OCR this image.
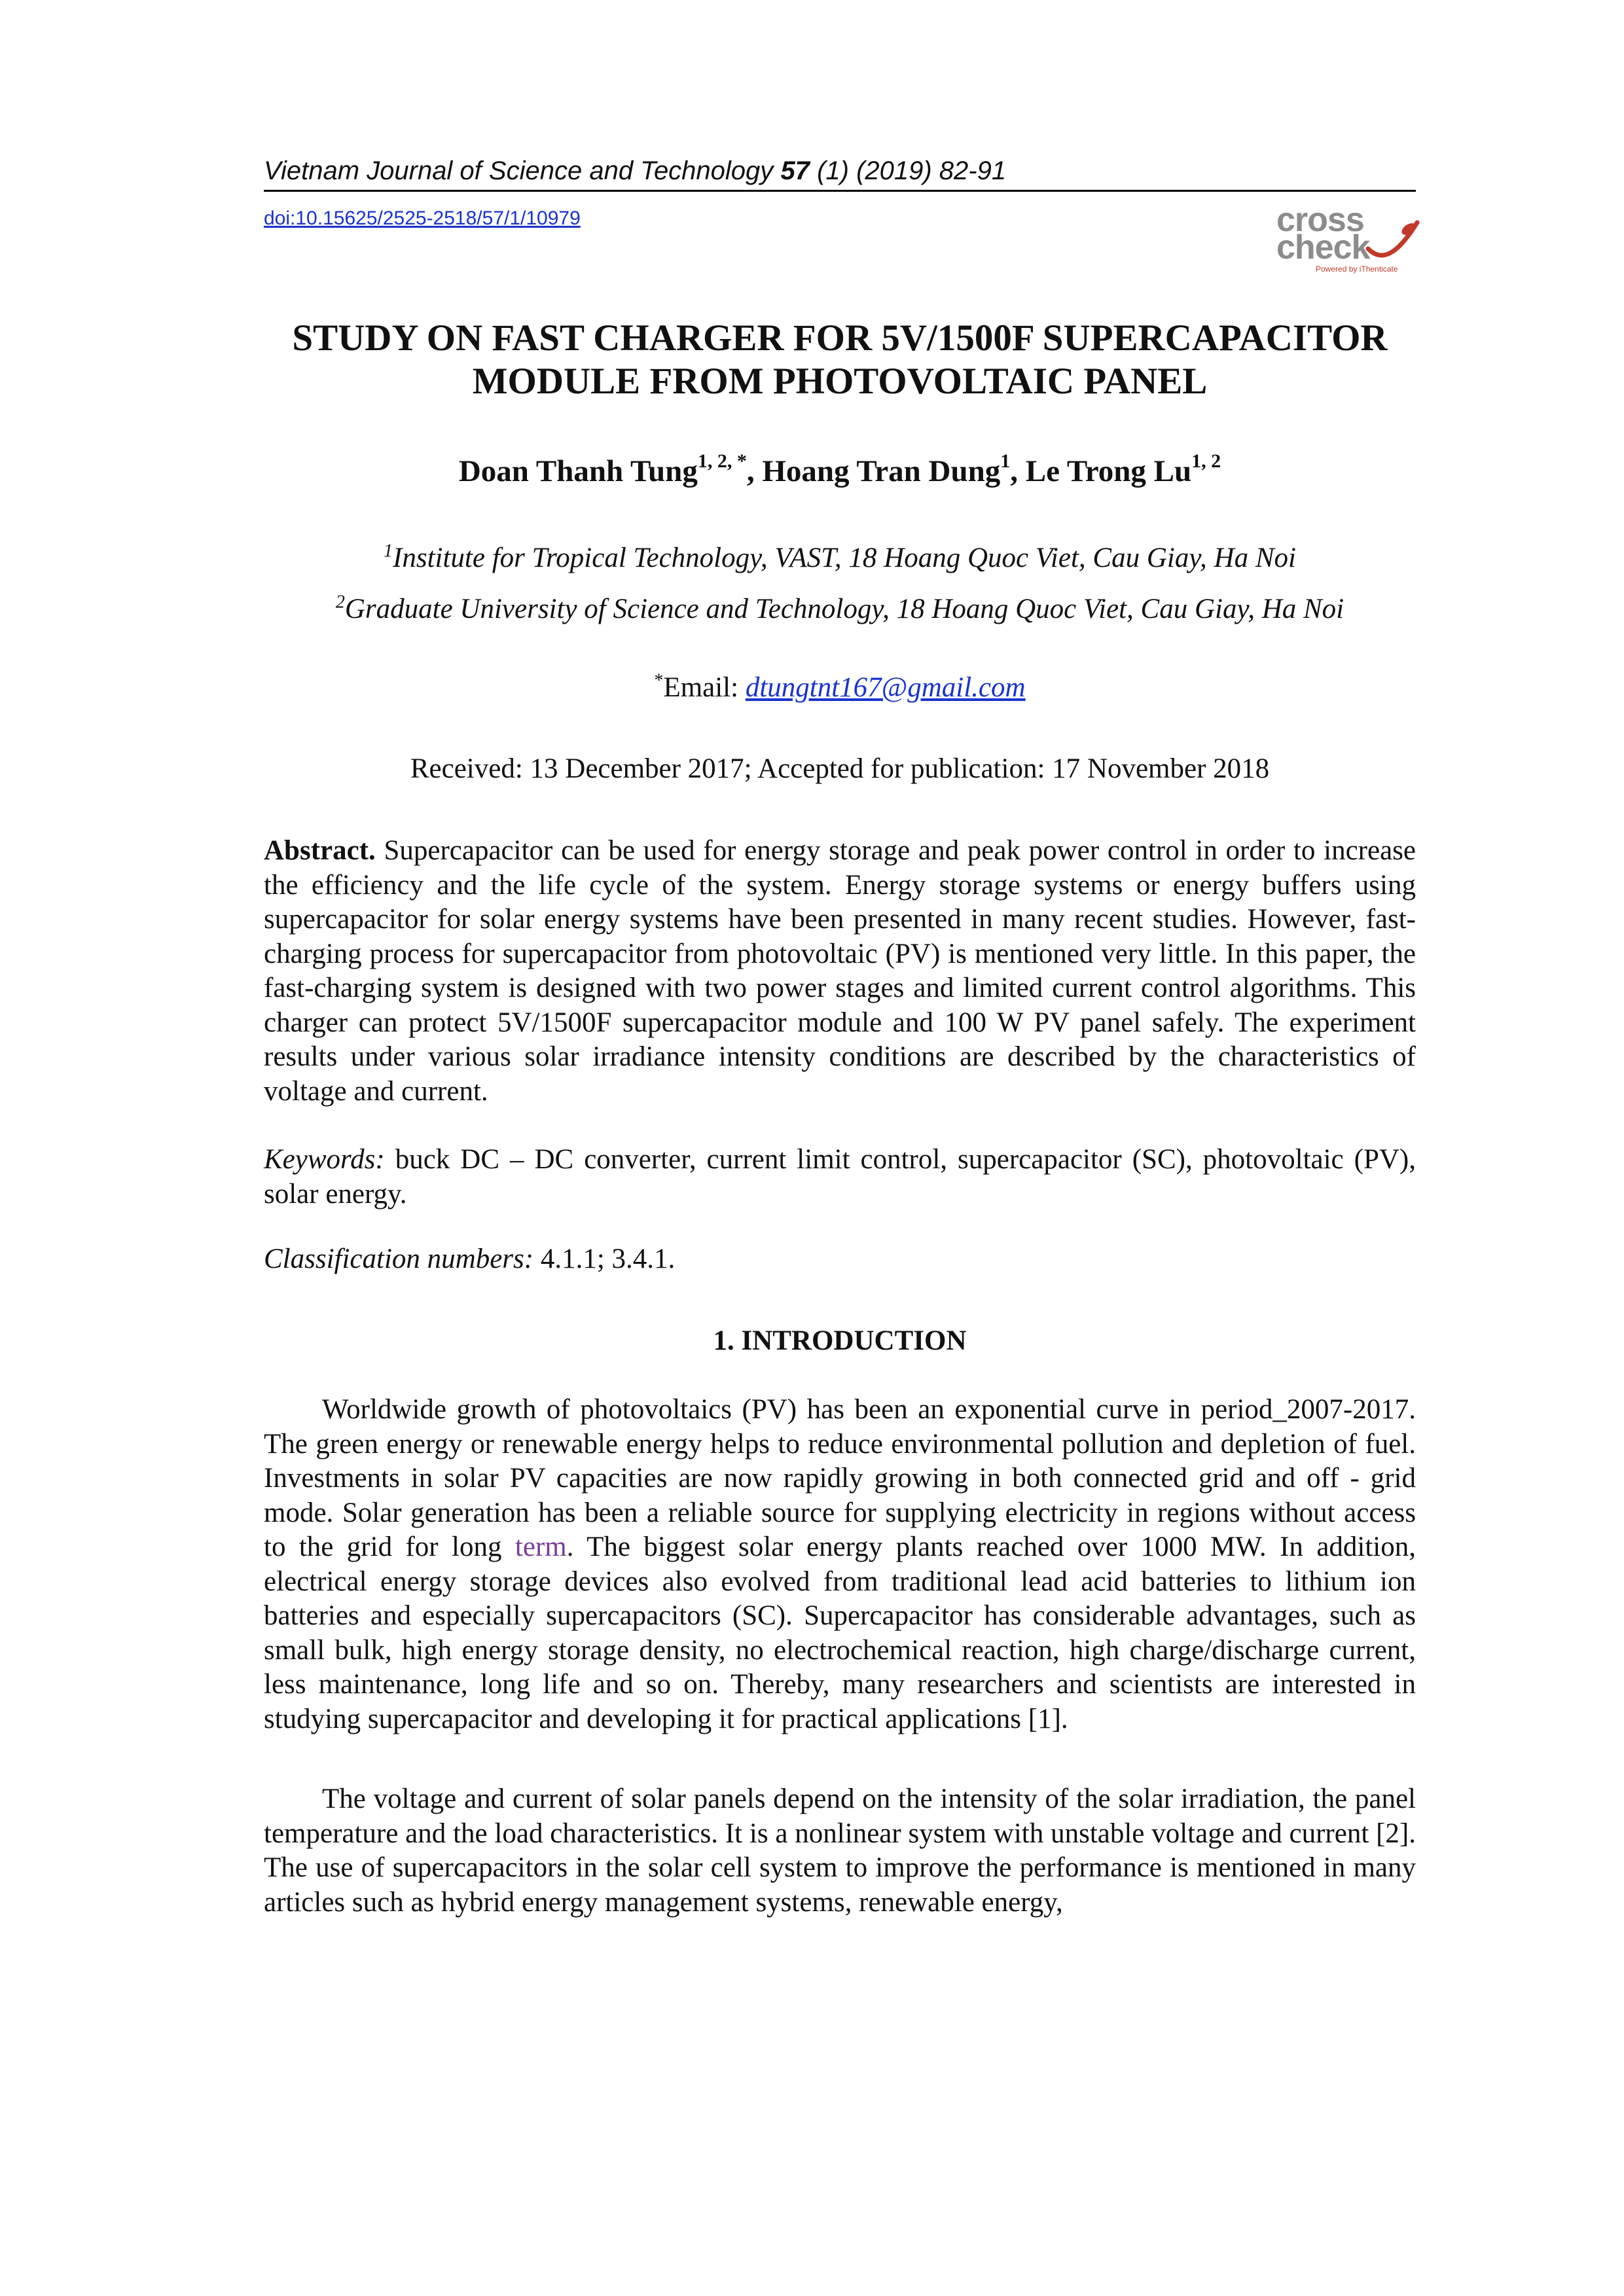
Vietnam Journal of Science and Technology 57 (1) (2019) 82-91
doi:10.15625/2525-2518/57/1/10979	cross
check
Powered by iThenticate
STUDY ON FAST CHARGER FOR 5V/1500F SUPERCAPACITOR
MODULE FROM PHOTOVOLTAIC PANEL
Doan Thanh Tung$^{1, 2, *}$, Hoang Tran Dung$^1$, Le Trong Lu$^{1, 2}$
$^1$Institute for Tropical Technology, VAST, 18 Hoang Quoc Viet, Cau Giay, Ha Noi
$^2$Graduate University of Science and Technology, 18 Hoang Quoc Viet, Cau Giay, Ha Noi
*Email: dtungtnt167@gmail.com
Received: 13 December 2017; Accepted for publication: 17 November 2018

Abstract. Supercapacitor can be used for energy storage and peak power control in order to increase the efficiency and the life cycle of the system. Energy storage systems or energy buffers using supercapacitor for solar energy systems have been presented in many recent studies. However, fast-charging process for supercapacitor from photovoltaic (PV) is mentioned very little. In this paper, the fast-charging system is designed with two power stages and limited current control algorithms. This charger can protect 5V/1500F supercapacitor module and 100 W PV panel safely. The experiment results under various solar irradiance intensity conditions are described by the characteristics of voltage and current.

Keywords: buck DC – DC converter, current limit control, supercapacitor (SC), photovoltaic (PV), solar energy.

Classification numbers: 4.1.1; 3.4.1.

1. INTRODUCTION

Worldwide growth of photovoltaics (PV) has been an exponential curve in period_2007-2017. The green energy or renewable energy helps to reduce environmental pollution and depletion of fuel. Investments in solar PV capacities are now rapidly growing in both connected grid and off - grid mode. Solar generation has been a reliable source for supplying electricity in regions without access to the grid for long term. The biggest solar energy plants reached over 1000 MW. In addition, electrical energy storage devices also evolved from traditional lead acid batteries to lithium ion batteries and especially supercapacitors (SC). Supercapacitor has considerable advantages, such as small bulk, high energy storage density, no electrochemical reaction, high charge/discharge current, less maintenance, long life and so on. Thereby, many researchers and scientists are interested in studying supercapacitor and developing it for practical applications [1].

The voltage and current of solar panels depend on the intensity of the solar irradiation, the panel temperature and the load characteristics. It is a nonlinear system with unstable voltage and current [2]. The use of supercapacitors in the solar cell system to improve the performance is mentioned in many articles such as hybrid energy management systems, renewable energy,
